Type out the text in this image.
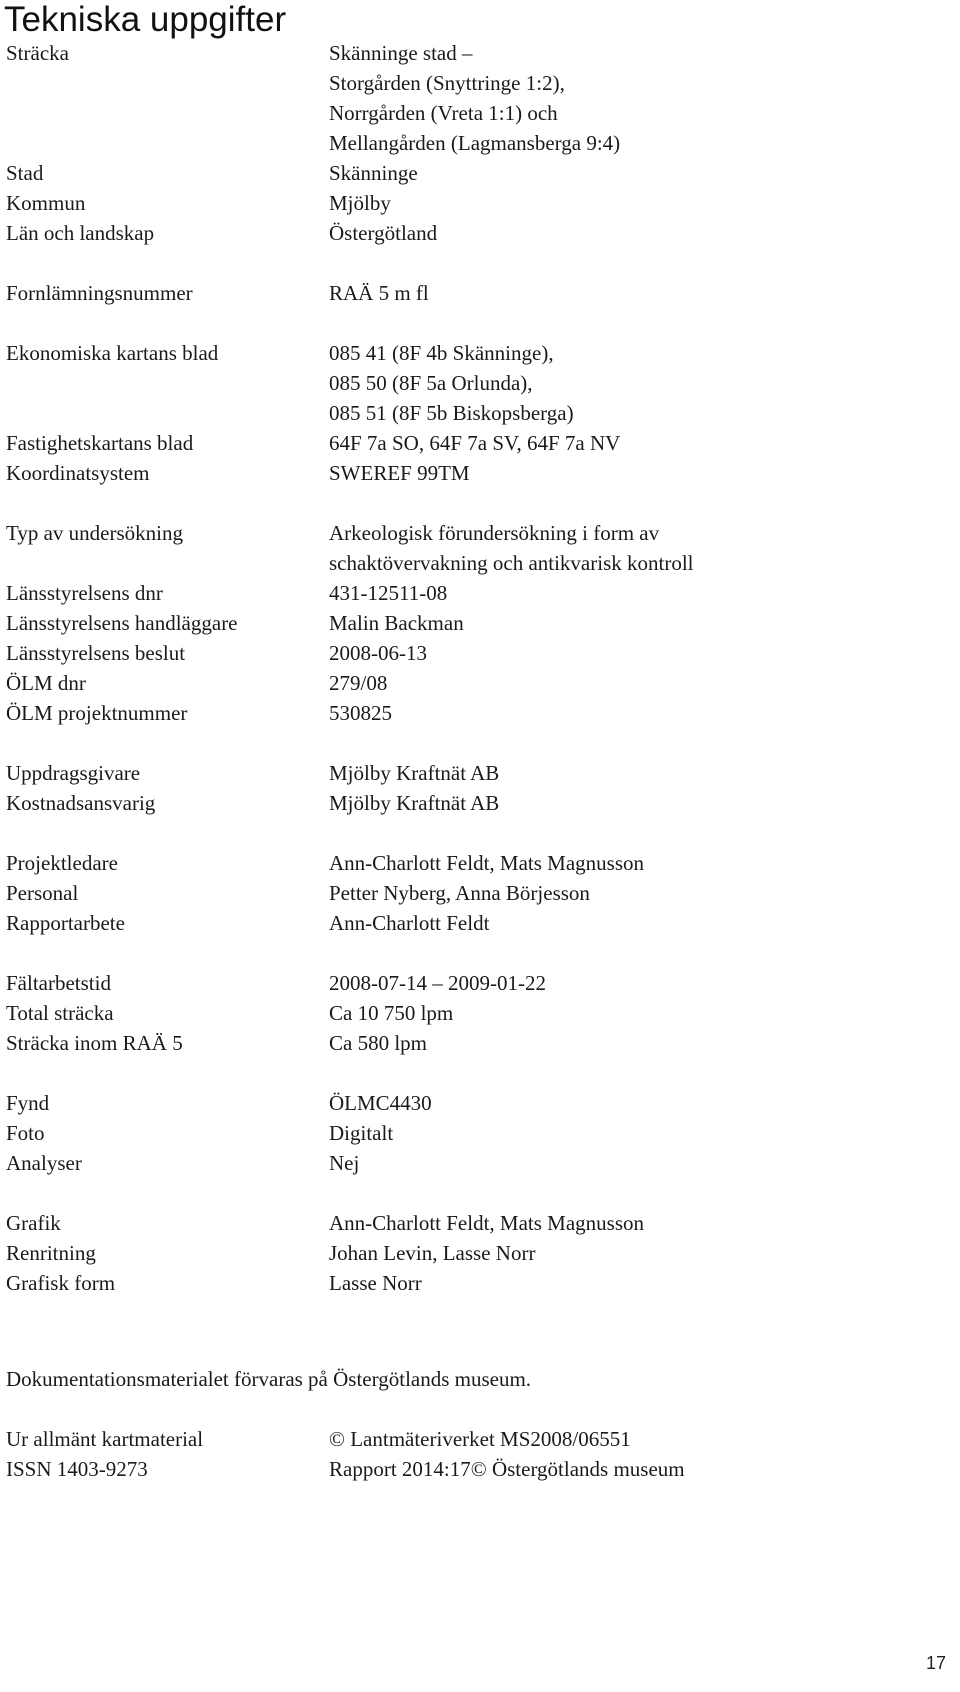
Tekniska uppgifter
Sträcka	Skänninge stad –
Storgården (Snyttringe 1:2),
Norrgården (Vreta 1:1) och
Mellangården (Lagmansberga 9:4)
Stad	Skänninge
Kommun	Mjölby
Län och landskap	Östergötland
Fornlämningsnummer	RAÄ 5 m fl
Ekonomiska kartans blad	085 41 (8F 4b Skänninge),
085 50 (8F 5a Orlunda),
085 51 (8F 5b Biskopsberga)
Fastighetskartans blad	64F 7a SO, 64F 7a SV, 64F 7a NV
Koordinatsystem	SWEREF 99TM
Typ av undersökning	Arkeologisk förundersökning i form av
schaktövervakning och antikvarisk kontroll
Länsstyrelsens dnr	431-12511-08
Länsstyrelsens handläggare	Malin Backman
Länsstyrelsens beslut	2008-06-13
ÖLM dnr	279/08
ÖLM projektnummer	530825
Uppdragsgivare	Mjölby Kraftnät AB
Kostnadsansvarig	Mjölby Kraftnät AB
Projektledare	Ann-Charlott Feldt, Mats Magnusson
Personal	Petter Nyberg, Anna Börjesson
Rapportarbete	Ann-Charlott Feldt
Fältarbetstid	2008-07-14 – 2009-01-22
Total sträcka	Ca 10 750 lpm
Sträcka inom RAÄ 5	Ca 580 lpm
Fynd	ÖLMC4430
Foto	Digitalt
Analyser	Nej
Grafik	Ann-Charlott Feldt, Mats Magnusson
Renritning	Johan Levin, Lasse Norr
Grafisk form	Lasse Norr
Ur allmänt kartmaterial	© Lantmäteriverket MS2008/06551
ISSN 1403-9273	Rapport 2014:17© Östergötlands museum
Dokumentationsmaterialet förvaras på Östergötlands museum.
17
